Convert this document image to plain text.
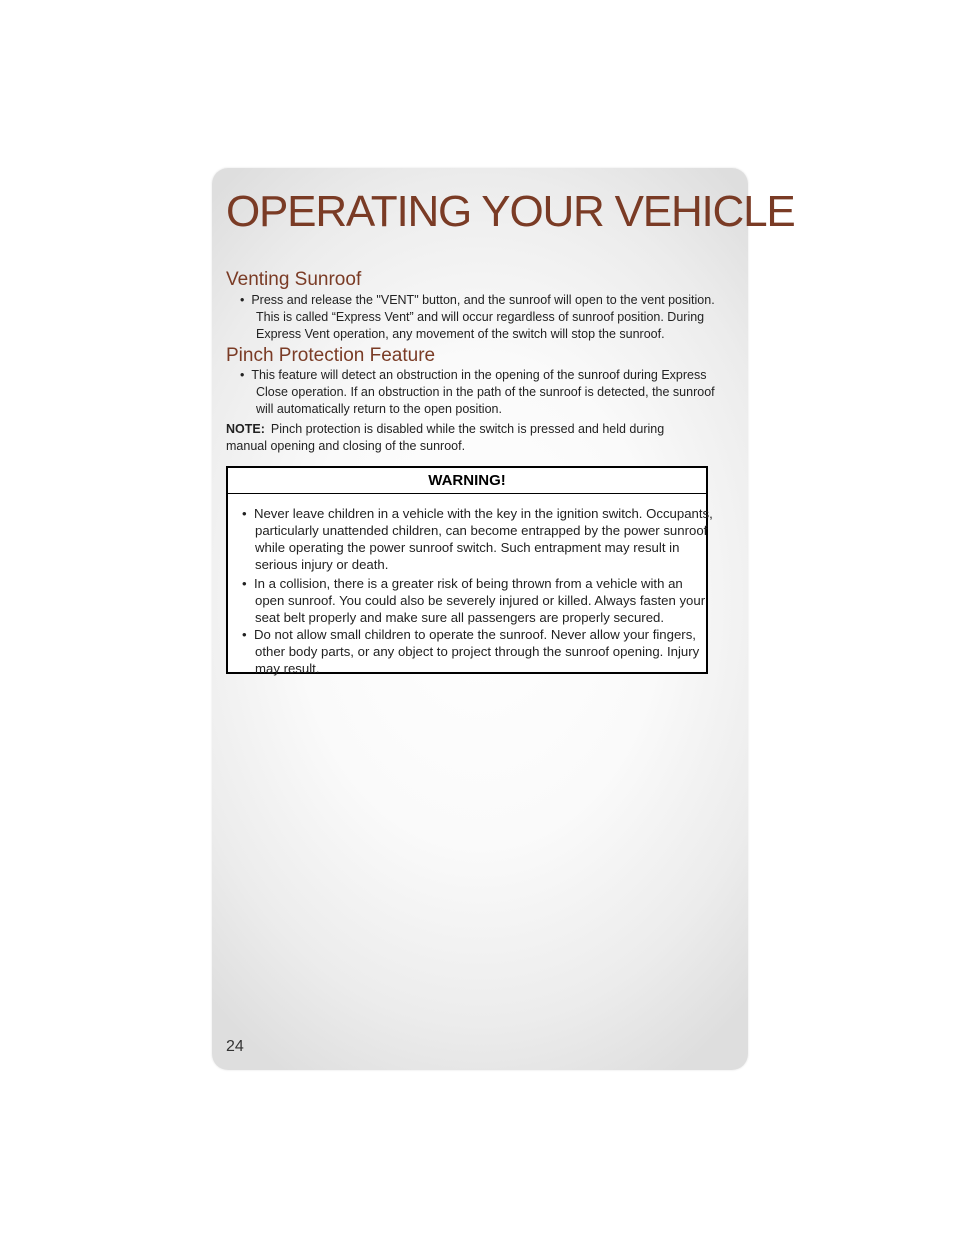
OPERATING YOUR VEHICLE
Venting Sunroof

• Press and release the "VENT" button, and the sunroof will open to the vent position. This is called “Express Vent” and will occur regardless of sunroof position. During Express Vent operation, any movement of the switch will stop the sunroof.

Pinch Protection Feature

• This feature will detect an obstruction in the opening of the sunroof during Express Close operation. If an obstruction in the path of the sunroof is detected, the sunroof will automatically return to the open position.

NOTE: Pinch protection is disabled while the switch is pressed and held during manual opening and closing of the sunroof.

WARNING!

• Never leave children in a vehicle with the key in the ignition switch. Occupants, particularly unattended children, can become entrapped by the power sunroof while operating the power sunroof switch. Such entrapment may result in serious injury or death.

• In a collision, there is a greater risk of being thrown from a vehicle with an open sunroof. You could also be severely injured or killed. Always fasten your seat belt properly and make sure all passengers are properly secured.

• Do not allow small children to operate the sunroof. Never allow your fingers, other body parts, or any object to project through the sunroof opening. Injury may result.

24
